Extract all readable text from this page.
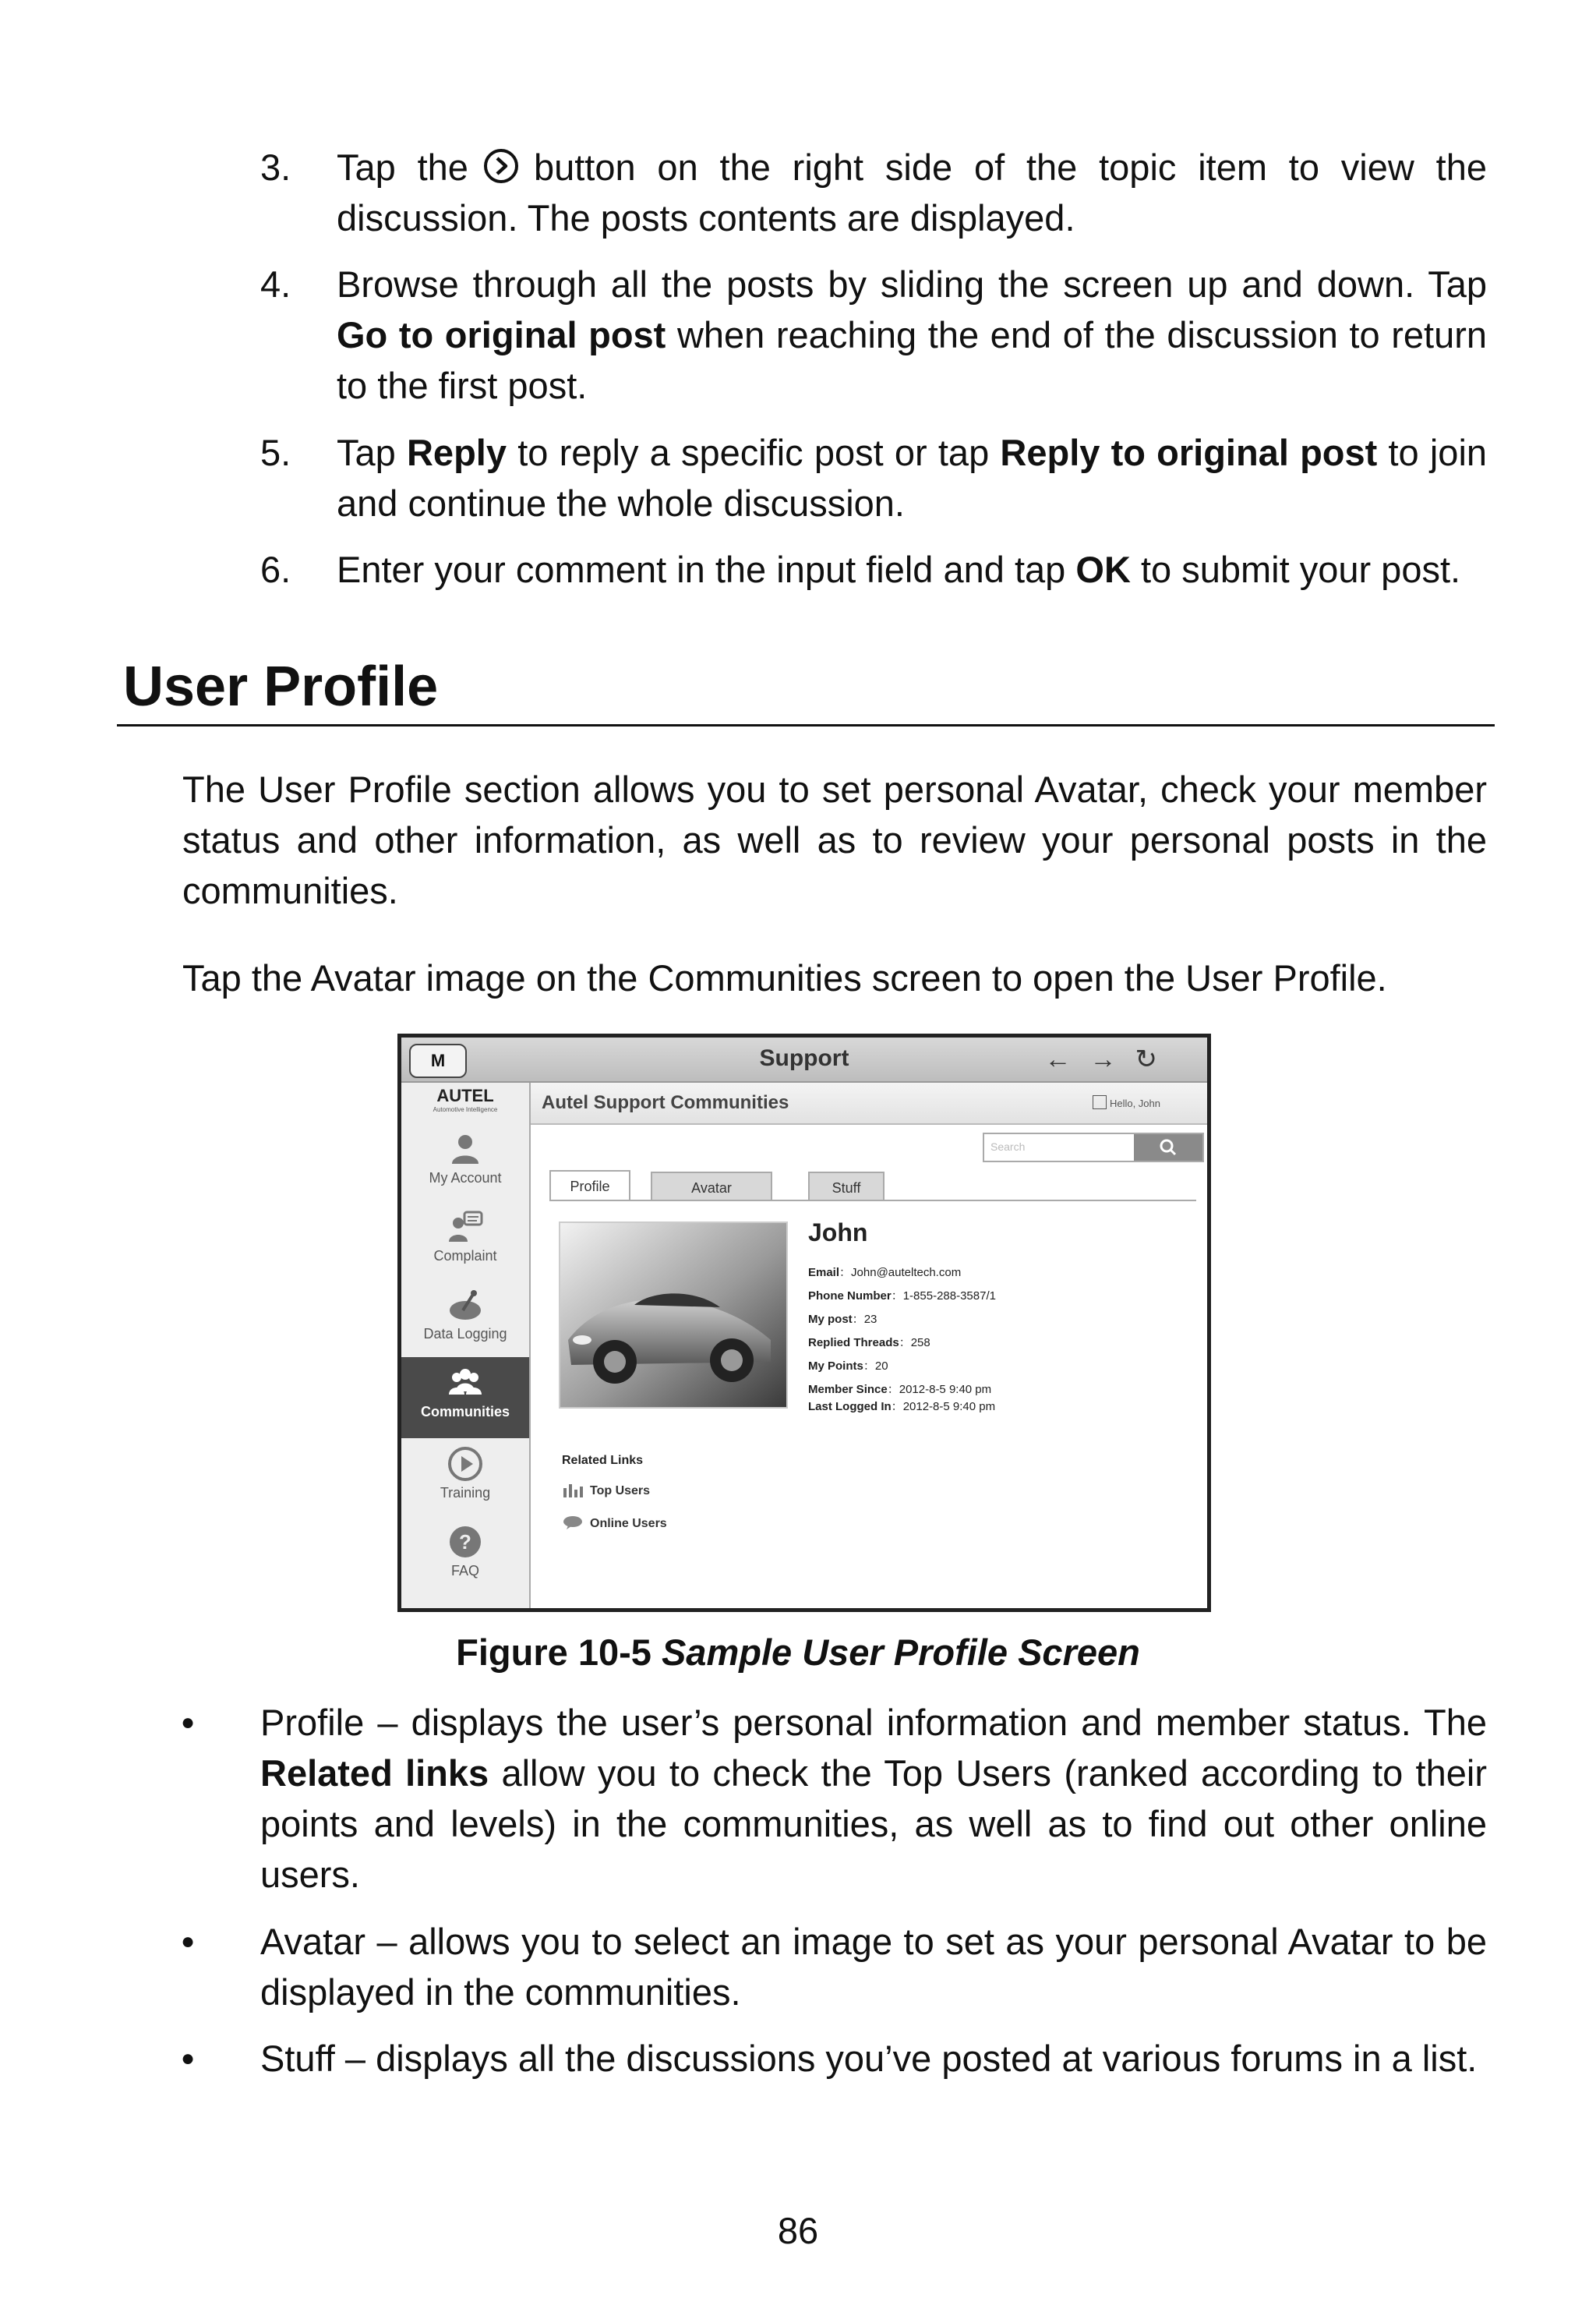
3. Tap the button on the right side of the topic item to view the discussion. The posts contents are displayed.
4. Browse through all the posts by sliding the screen up and down. Tap Go to original post when reaching the end of the discussion to return to the first post.
5. Tap Reply to reply a specific post or tap Reply to original post to join and continue the whole discussion.
6. Enter your comment in the input field and tap OK to submit your post.
User Profile
The User Profile section allows you to set personal Avatar, check your member status and other information, as well as to review your personal posts in the communities.
Tap the Avatar image on the Communities screen to open the User Profile.
M	Support	←→↻
AUTEL
Automotive Intelligence
My Account
Complaint
Data Logging
Communities
Training
?
FAQ
Autel Support Communities	Hello, John
Search
Profile	Avatar	Stuff
John
Email：John@auteltech.com
Phone Number：1-855-288-3587/1
My post：23
Replied Threads：258
My Points：20
Member Since：2012-8-5 9:40 pm
Last Logged In：2012-8-5 9:40 pm
Related Links
Top Users
Online Users
Figure 10-5 Sample User Profile Screen
● Profile – displays the user’s personal information and member status. The Related links allow you to check the Top Users (ranked according to their points and levels) in the communities, as well as to find out other online users.
● Avatar – allows you to select an image to set as your personal Avatar to be displayed in the communities.
● Stuff – displays all the discussions you’ve posted at various forums in a list.
86
